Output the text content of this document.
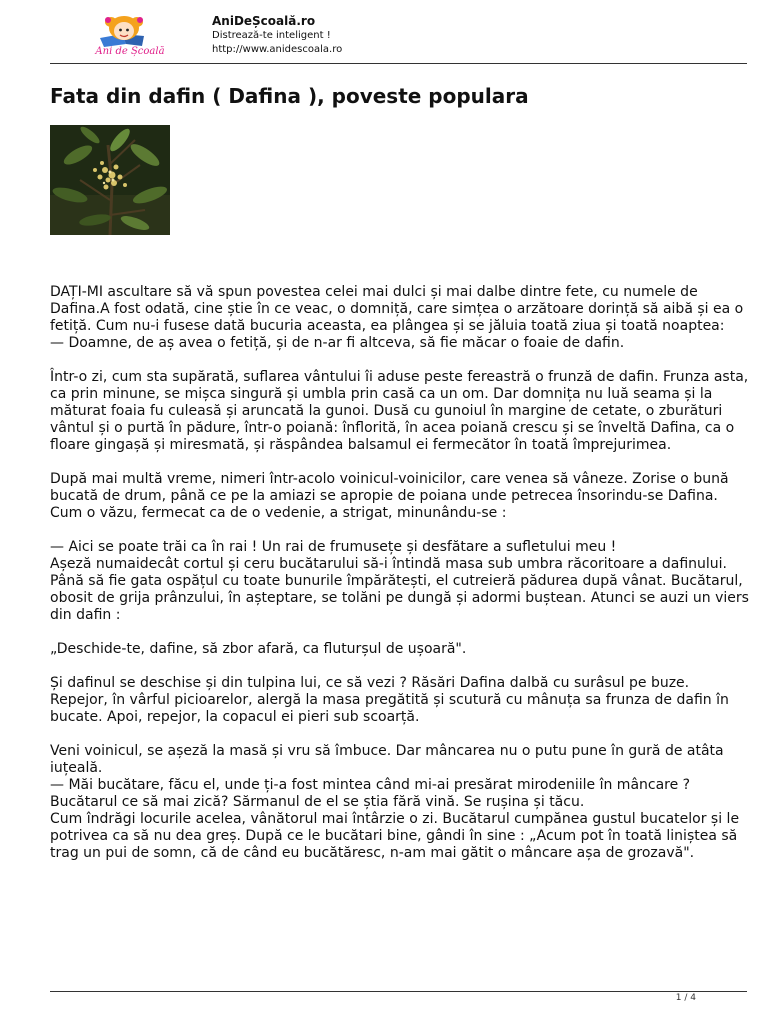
Ani de Școală
AniDeȘcoală.ro
Distrează-te inteligent !
http://www.anidescoala.ro
Fata din dafin ( Dafina ), poveste populara

DAȚI-MI ascultare să vă spun povestea celei mai dulci și mai dalbe dintre fete, cu numele de Dafina.A fost odată, cine știe în ce veac, o domniță, care simțea o arzătoare dorință să aibă și ea o fetiță. Cum nu-i fusese dată bucuria aceasta, ea plângea și se jăluia toată ziua și toată noaptea:
— Doamne, de aș avea o fetiță, și de n-ar fi altceva, să fie măcar o foaie de dafin.

Într-o zi, cum sta supărată, suflarea vântului îi aduse peste fereastră o frunză de dafin. Frunza asta, ca prin minune, se mișca singură și umbla prin casă ca un om. Dar domnița nu luă seama și la măturat foaia fu culeasă și aruncată la gunoi. Dusă cu gunoiul în margine de cetate, o zburături vântul și o purtă în pădure, într-o poiană: înflorită, în acea poiană crescu și se înveltă Dafina, ca o floare gingașă și miresmată, și răspândea balsamul ei fermecător în toată împrejurimea.

După mai multă vreme, nimeri într-acolo voinicul-voinicilor, care venea să vâneze. Zorise o bună bucată de drum, până ce pe la amiazi se apropie de poiana unde petrecea însorindu-se Dafina. Cum o văzu, fermecat ca de o vedenie, a strigat, minunându-se :

— Aici se poate trăi ca în rai ! Un rai de frumusețe și desfătare a sufletului meu !
Așeză numaidecât cortul și ceru bucătarului să-i întindă masa sub umbra răcoritoare a dafinului.
Până să fie gata ospățul cu toate bunurile împărătești, el cutreieră pădurea după vânat. Bucătarul, obosit de grija prânzului, în așteptare, se tolăni pe dungă și adormi buștean. Atunci se auzi un viers din dafin :

„Deschide-te, dafine, să zbor afară, ca fluturșul de ușoară".

Și dafinul se deschise și din tulpina lui, ce să vezi ? Răsări Dafina dalbă cu surâsul pe buze. Repejor, în vârful picioarelor, alergă la masa pregătită și scutură cu mânuța sa frunza de dafin în bucate. Apoi, repejor, la copacul ei pieri sub scoarță.

Veni voinicul, se așeză la masă și vru să îmbuce. Dar mâncarea nu o putu pune în gură de atâta iuțeală.
— Măi bucătare, făcu el, unde ți-a fost mintea când mi-ai presărat mirodeniile în mâncare ? Bucătarul ce să mai zică? Sărmanul de el se știa fără vină. Se rușina și tăcu.
Cum îndrăgi locurile acelea, vânătorul mai întârzie o zi. Bucătarul cumpănea gustul bucatelor și le potrivea ca să nu dea greș. După ce le bucătari bine, gândi în sine : „Acum pot în toată liniștea să trag un pui de somn, că de când eu bucătăresc, n-am mai gătit o mâncare așa de grozavă".

1 / 4
